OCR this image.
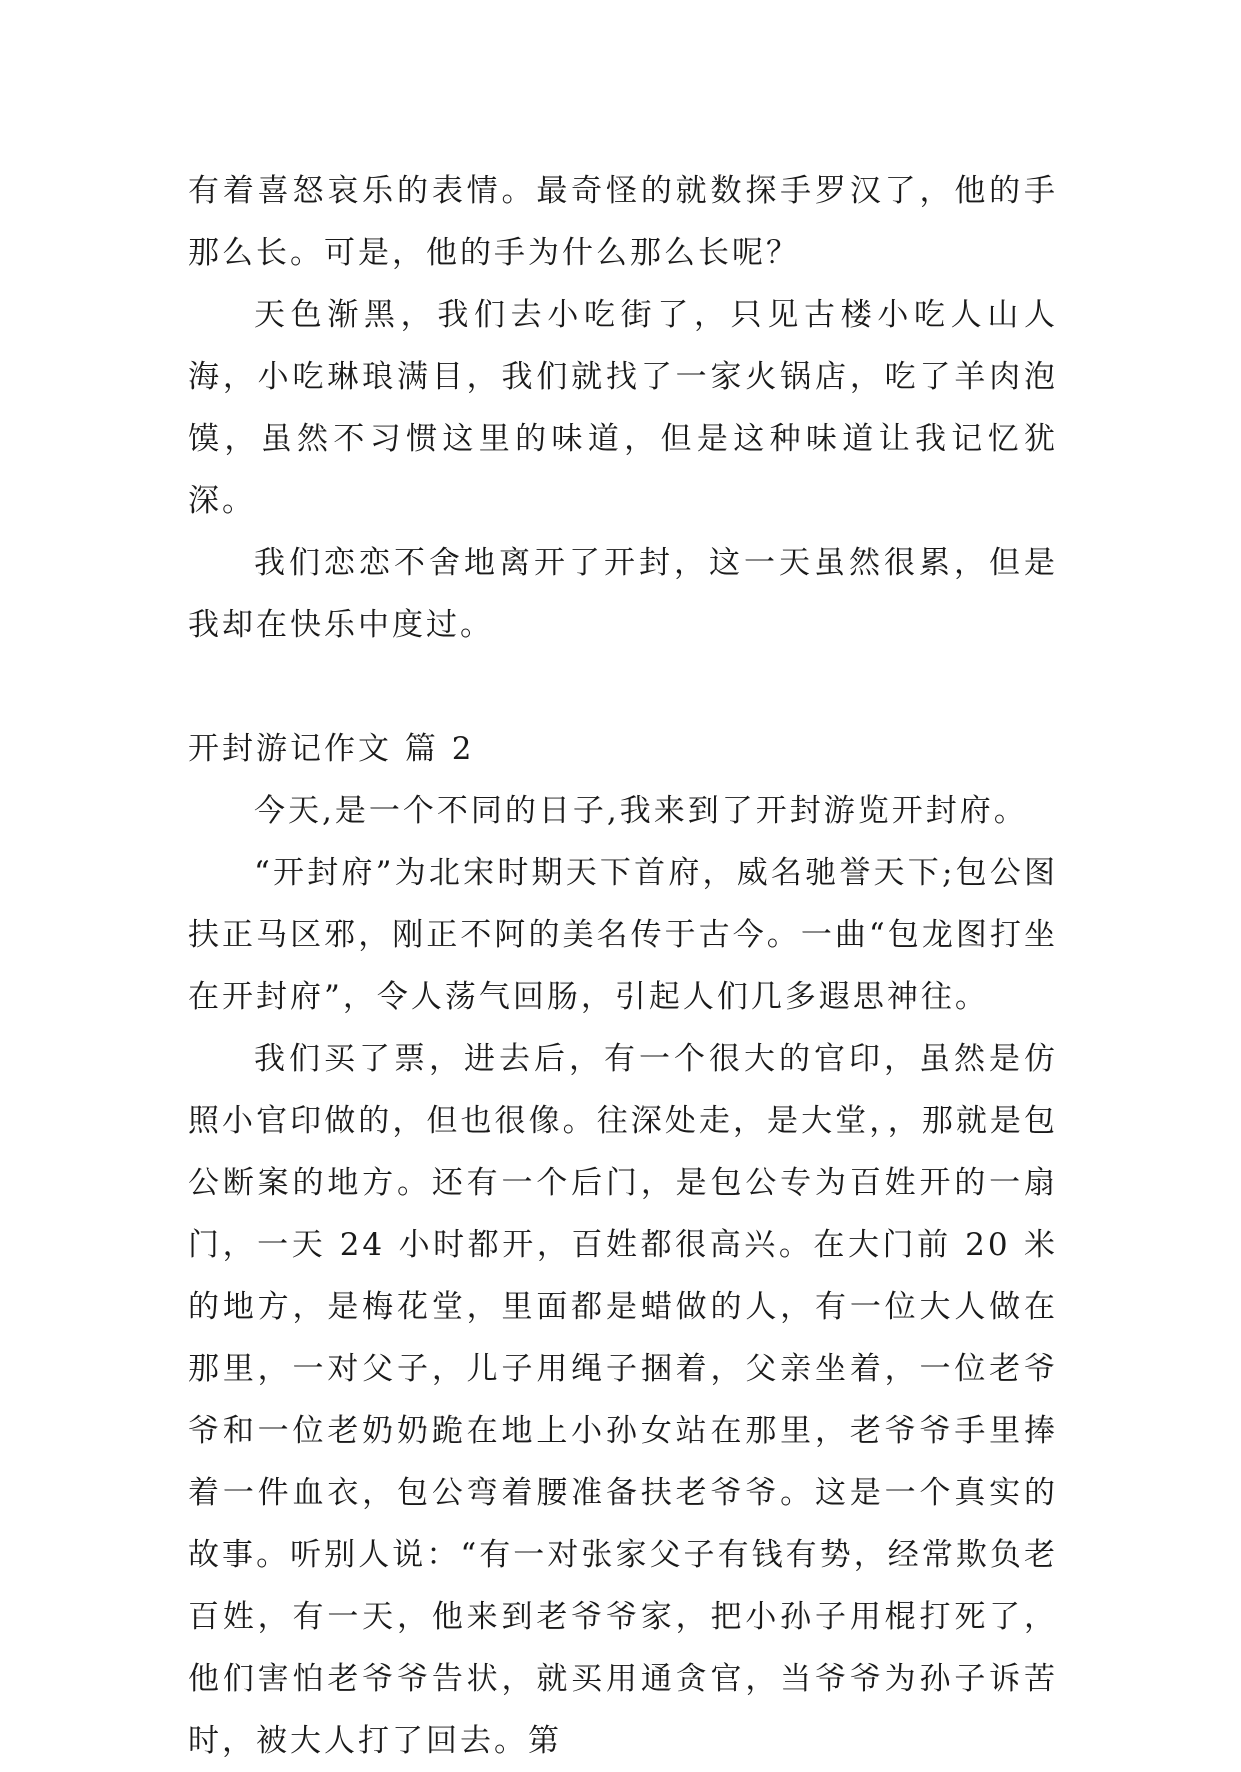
有着喜怒哀乐的表情。最奇怪的就数探手罗汉了，他的手那么长。可是，他的手为什么那么长呢？

天色渐黑，我们去小吃街了，只见古楼小吃人山人海，小吃琳琅满目，我们就找了一家火锅店，吃了羊肉泡馍，虽然不习惯这里的味道，但是这种味道让我记忆犹深。

我们恋恋不舍地离开了开封，这一天虽然很累，但是我却在快乐中度过。

开封游记作文 篇 2

今天,是一个不同的日子,我来到了开封游览开封府。

“开封府”为北宋时期天下首府，威名驰誉天下;包公图扶正马区邪，刚正不阿的美名传于古今。一曲“包龙图打坐在开封府”，令人荡气回肠，引起人们几多遐思神往。

我们买了票，进去后，有一个很大的官印，虽然是仿照小官印做的，但也很像。往深处走，是大堂，，那就是包公断案的地方。还有一个后门，是包公专为百姓开的一扇门，一天 24 小时都开，百姓都很高兴。在大门前 20 米的地方，是梅花堂，里面都是蜡做的人，有一位大人做在那里，一对父子，儿子用绳子捆着，父亲坐着，一位老爷爷和一位老奶奶跪在地上小孙女站在那里，老爷爷手里捧着一件血衣，包公弯着腰准备扶老爷爷。这是一个真实的故事。听别人说：“有一对张家父子有钱有势，经常欺负老百姓，有一天，他来到老爷爷家，把小孙子用棍打死了，他们害怕老爷爷告状，就买用通贪官，当爷爷为孙子诉苦时，被大人打了回去。第
